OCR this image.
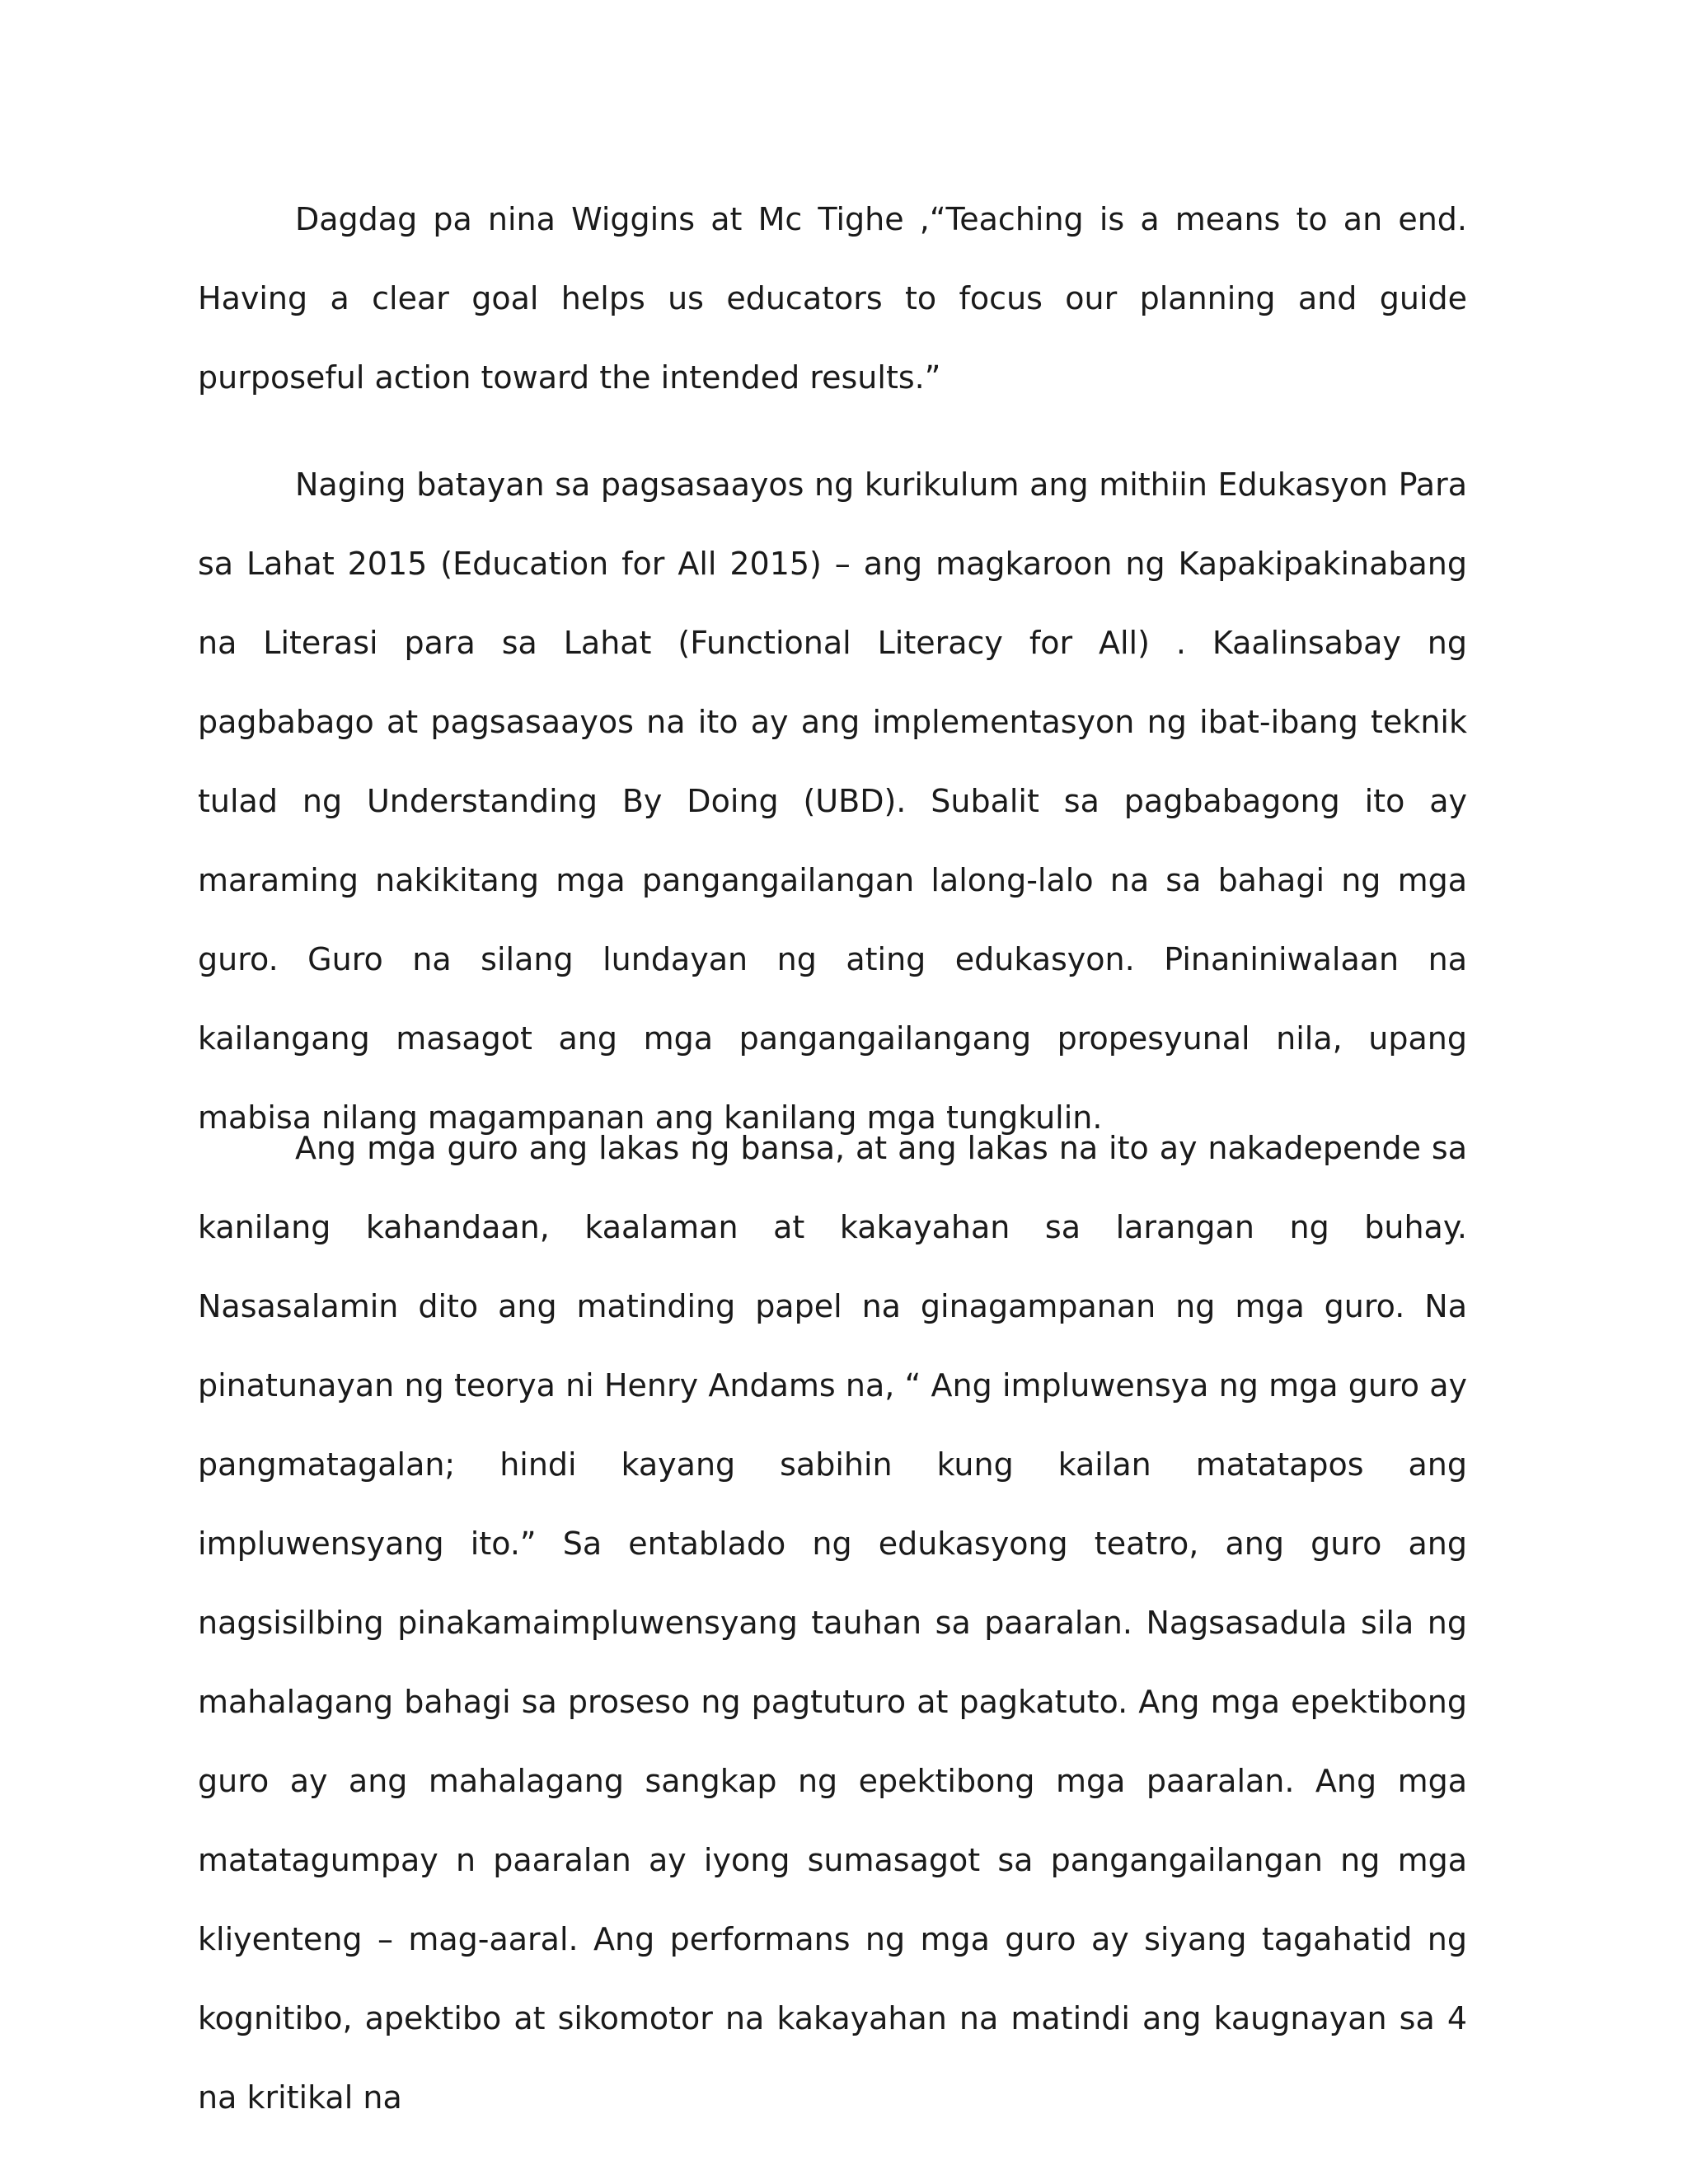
Dagdag pa nina Wiggins at Mc Tighe ,“Teaching is a means to an end. Having a clear goal helps us educators to focus our planning and guide purposeful action toward the intended results.”

Naging batayan sa pagsasaayos ng kurikulum ang mithiin Edukasyon Para sa Lahat 2015 (Education for All 2015) – ang magkaroon ng Kapakipakinabang na Literasi para sa Lahat (Functional Literacy for All) . Kaalinsabay ng pagbabago at pagsasaayos na ito ay ang implementasyon ng ibat-ibang teknik tulad ng Understanding By Doing (UBD). Subalit sa pagbabagong ito ay maraming nakikitang mga pangangailangan lalong-lalo na sa bahagi ng mga guro. Guro na silang lundayan ng ating edukasyon. Pinaniniwalaan na kailangang masagot ang mga pangangailangang propesyunal nila, upang mabisa nilang magampanan ang kanilang mga tungkulin.

Ang mga guro ang lakas ng bansa, at ang lakas na ito ay nakadepende sa kanilang kahandaan, kaalaman at kakayahan sa larangan ng buhay. Nasasalamin dito ang matinding papel na ginagampanan ng mga guro. Na pinatunayan ng teorya ni Henry Andams na, “ Ang impluwensya ng mga guro ay pangmatagalan; hindi kayang sabihin kung kailan matatapos ang impluwensyang ito.” Sa entablado ng edukasyong teatro, ang guro ang nagsisilbing pinakamaimpluwensyang tauhan sa paaralan. Nagsasadula sila ng mahalagang bahagi sa proseso ng pagtuturo at pagkatuto. Ang mga epektibong guro ay ang mahalagang sangkap ng epektibong mga paaralan. Ang mga matatagumpay n paaralan ay iyong sumasagot sa pangangailangan ng mga kliyenteng – mag-aaral. Ang performans ng mga guro ay siyang tagahatid ng kognitibo, apektibo at sikomotor na kakayahan na matindi ang kaugnayan sa 4 na kritikal na
